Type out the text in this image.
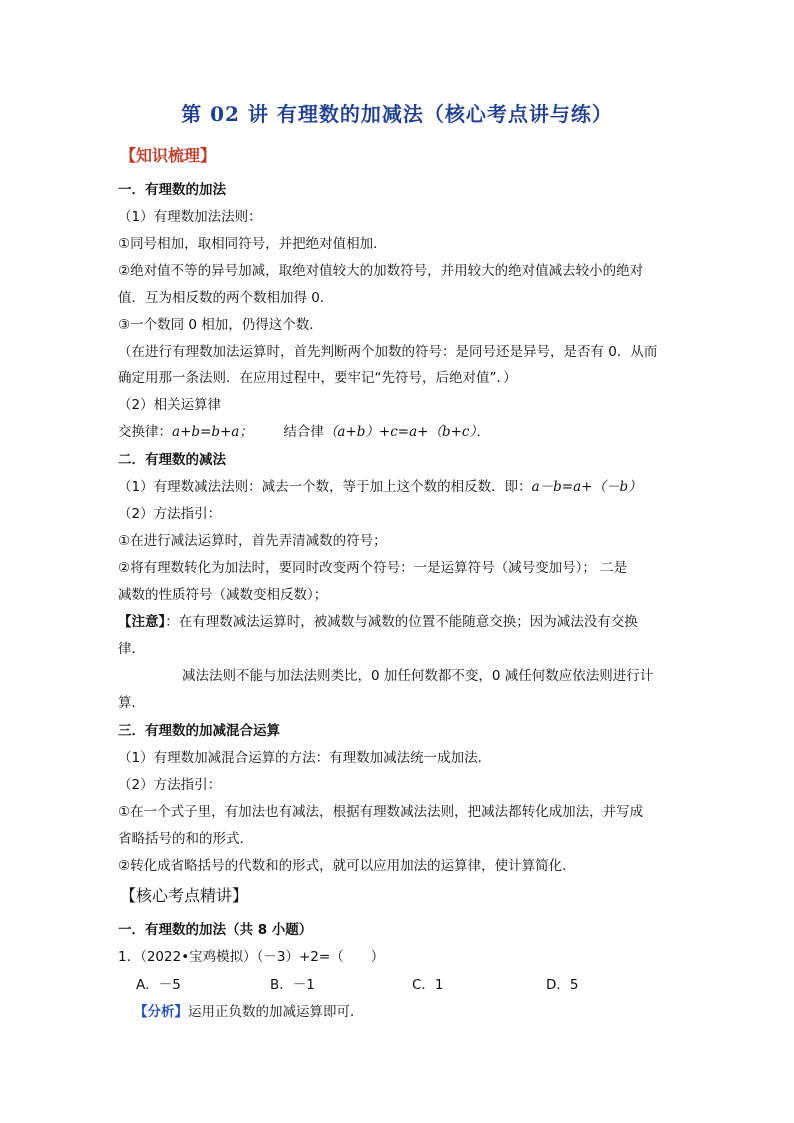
第 02 讲 有理数的加减法（核心考点讲与练）
【知识梳理】
一．有理数的加法
（1）有理数加法法则：
①同号相加，取相同符号，并把绝对值相加．
②绝对值不等的异号加减，取绝对值较大的加数符号，并用较大的绝对值减去较小的绝对
值．互为相反数的两个数相加得 0．
③一个数同 0 相加，仍得这个数．
（在进行有理数加法运算时，首先判断两个加数的符号：是同号还是异号，是否有 0．从而
确定用那一条法则．在应用过程中，要牢记“先符号，后绝对值”．）
（2）相关运算律
交换律：a+b=b+a； 结合律（a+b）+c=a+（b+c）．
二．有理数的减法
（1）有理数减法法则：减去一个数，等于加上这个数的相反数．即：a－b=a+（－b）
（2）方法指引：
①在进行减法运算时，首先弄清减数的符号；
②将有理数转化为加法时，要同时改变两个符号：一是运算符号（减号变加号）； 二是
减数的性质符号（减数变相反数）；
【注意】：在有理数减法运算时，被减数与减数的位置不能随意交换；因为减法没有交换
律．
减法法则不能与加法法则类比，0 加任何数都不变，0 减任何数应依法则进行计
算．
三．有理数的加减混合运算
（1）有理数加减混合运算的方法：有理数加减法统一成加法．
（2）方法指引：
①在一个式子里，有加法也有减法，根据有理数减法法则，把减法都转化成加法，并写成
省略括号的和的形式．
②转化成省略括号的代数和的形式，就可以应用加法的运算律，使计算简化．
【核心考点精讲】
一．有理数的加法（共 8 小题）
1．（2022•宝鸡模拟）（－3）+2=（　　）
A．－5	B．－1	C．1	D．5
【分析】运用正负数的加减运算即可．
